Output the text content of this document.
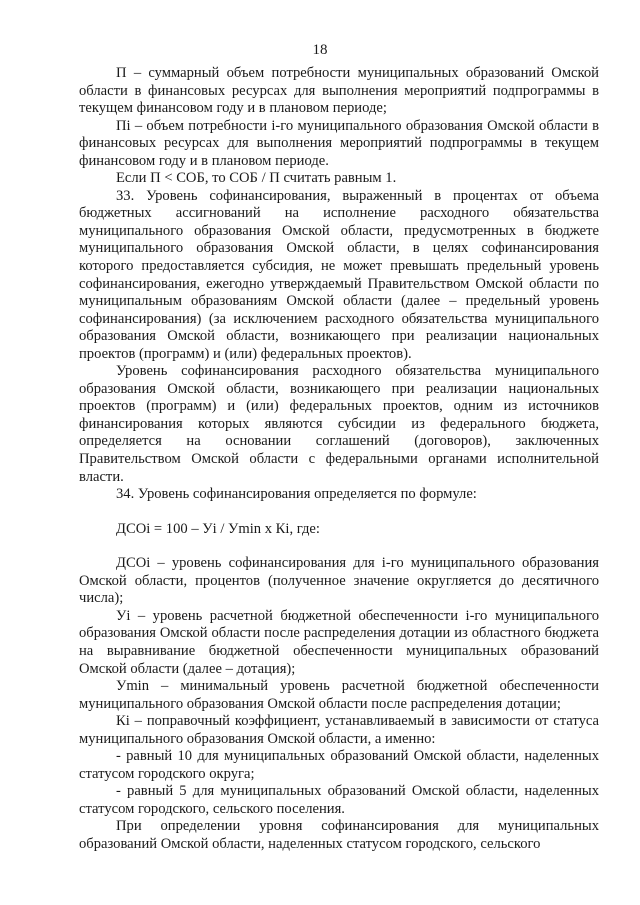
18

П – суммарный объем потребности муниципальных образований Омской области в финансовых ресурсах для выполнения мероприятий подпрограммы в текущем финансовом году и в плановом периоде;

Пi – объем потребности i-го муниципального образования Омской области в финансовых ресурсах для выполнения мероприятий подпрограммы в текущем финансовом году и в плановом периоде.

Если П < СОБ, то СОБ / П считать равным 1.

33. Уровень софинансирования, выраженный в процентах от объема бюджетных ассигнований на исполнение расходного обязательства муниципального образования Омской области, предусмотренных в бюджете муниципального образования Омской области, в целях софинансирования которого предоставляется субсидия, не может превышать предельный уровень софинансирования, ежегодно утверждаемый Правительством Омской области по муниципальным образованиям Омской области (далее – предельный уровень софинансирования) (за исключением расходного обязательства муниципального образования Омской области, возникающего при реализации национальных проектов (программ) и (или) федеральных проектов).

Уровень софинансирования расходного обязательства муниципального образования Омской области, возникающего при реализации национальных проектов (программ) и (или) федеральных проектов, одним из источников финансирования которых являются субсидии из федерального бюджета, определяется на основании соглашений (договоров), заключенных Правительством Омской области с федеральными органами исполнительной власти.

34. Уровень софинансирования определяется по формуле:

ДСОi = 100 – Уi / Уmin x Кi, где:

ДСОi – уровень софинансирования для i-го муниципального образования Омской области, процентов (полученное значение округляется до десятичного числа);

Уi – уровень расчетной бюджетной обеспеченности i-го муниципального образования Омской области после распределения дотации из областного бюджета на выравнивание бюджетной обеспеченности муниципальных образований Омской области (далее – дотация);

Уmin – минимальный уровень расчетной бюджетной обеспеченности муниципального образования Омской области после распределения дотации;

Кi – поправочный коэффициент, устанавливаемый в зависимости от статуса муниципального образования Омской области, а именно:

- равный 10 для муниципальных образований Омской области, наделенных статусом городского округа;

- равный 5 для муниципальных образований Омской области, наделенных статусом городского, сельского поселения.

При определении уровня софинансирования для муниципальных образований Омской области, наделенных статусом городского, сельского
